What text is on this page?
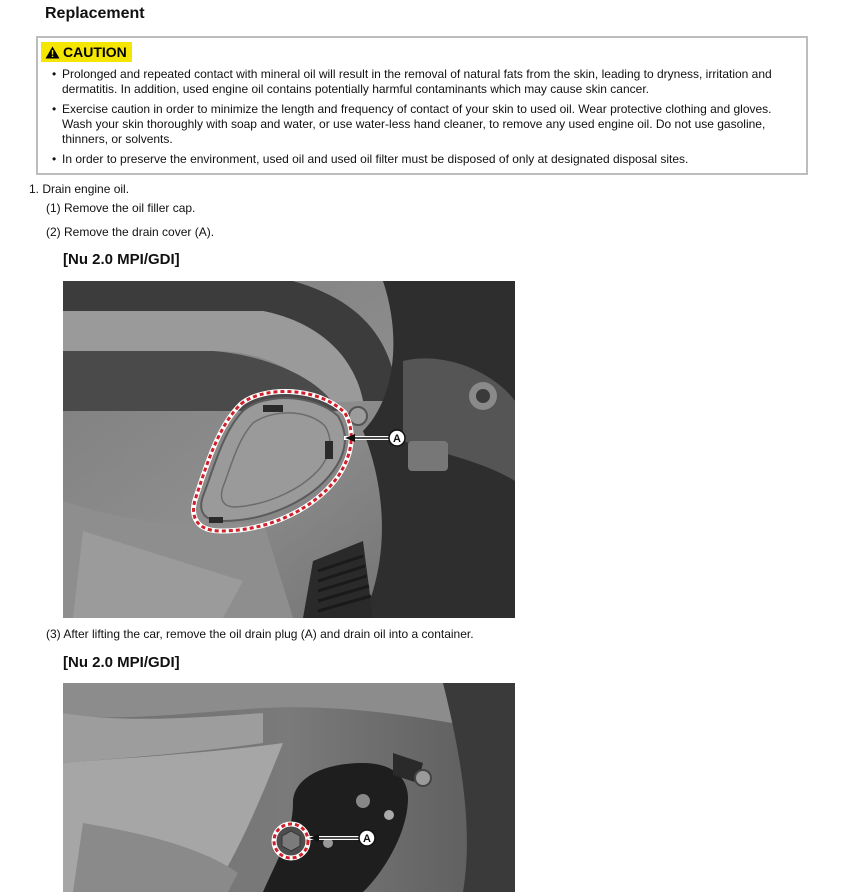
Replacement
CAUTION
• Prolonged and repeated contact with mineral oil will result in the removal of natural fats from the skin, leading to dryness, irritation and dermatitis. In addition, used engine oil contains potentially harmful contaminants which may cause skin cancer.
• Exercise caution in order to minimize the length and frequency of contact of your skin to used oil. Wear protective clothing and gloves. Wash your skin thoroughly with soap and water, or use water-less hand cleaner, to remove any used engine oil. Do not use gasoline, thinners, or solvents.
• In order to preserve the environment, used oil and used oil filter must be disposed of only at designated disposal sites.
1. Drain engine oil.
(1) Remove the oil filler cap.
(2) Remove the drain cover (A).
[Nu 2.0 MPI/GDI]
A
(3) After lifting the car, remove the oil drain plug (A) and drain oil into a container.
[Nu 2.0 MPI/GDI]
A
